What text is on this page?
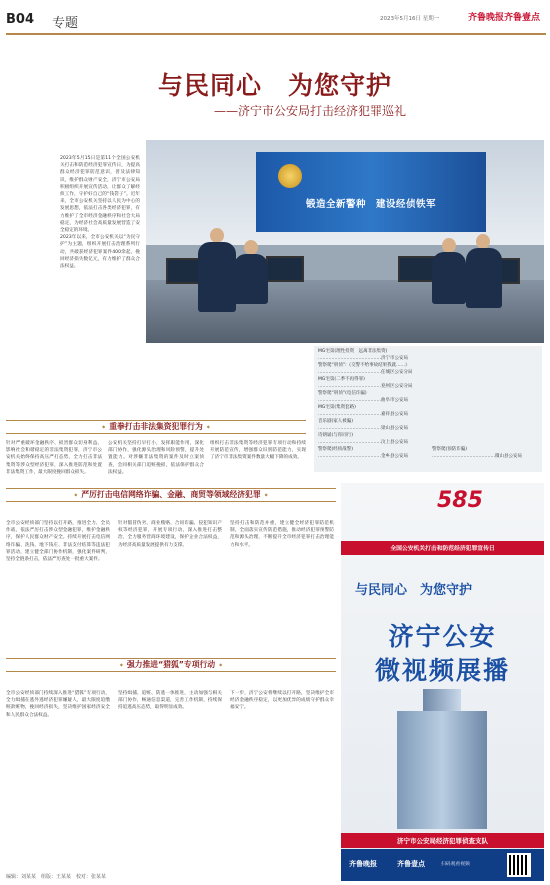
B04 专题	2023年5月16日 星期一	齐鲁晚报 齐鲁壹点
与民同心　为您守护
——济宁市公安局打击经济犯罪巡礼
2023年5月15日是第11个全国公安机关打击和防范经济犯罪宣传日，为提高群众经济犯罪防范意识，普及法律知识，维护群众财产安全，济宁市公安局积极组织开展宣传活动，让群众了解经侦工作，守护好自己的“钱袋子”。近年来，全市公安机关坚持以人民为中心的发展思想，依法打击各类经济犯罪，有力维护了全市经济金融秩序和社会大局稳定，为经济社会高质量发展营造了安全稳定的环境。
2023年以来，全市公安机关以“为民守护”为主题，组织开展打击治理系列行动，共破获经济犯罪案件400余起，挽回经济损失数亿元，有力维护了群众合法权益。
锻造全新警种　建设经侦铁军
MG宅第(理性投资　远离非法集资)
……………………………………济宁市公安局
警察爬“刑侦”:《交警不给事故结果我就……》
……………………………………任城区公安分局
MG宅第(二季不再得罪)
……………………………………兖州区公安分局
警察爬“刑侦”(电信诈骗)
……………………………………曲阜市公安局
MG宅第(集资套路)
……………………………………嘉祥县公安局
音乐剧(家人被骗)
……………………………………梁山县公安局
诗朗诵(与你同行)
……………………………………汶上县公安局
警察爬(经侦战警)
……………………………………金乡县公安局
警察爬(预防诈骗)
……………………………………微山县公安局
◆ 重拳打击非法集资犯罪行为 ◆
针对严重破坏金融秩序、损害群众切身利益、影响社会和谐稳定的非法集资犯罪，济宁市公安机关始终保持高压严打态势，全力打击非法集资等涉众型经济犯罪，深入推进防范和处置非法集资工作，最大限度挽回群众损失。
公安机关坚持打早打小，发挥职能作用，深化部门协作，强化源头治理和风险预警，提升处置能力。对涉嫌非法集资的案件及时立案侦查，会同相关部门追赃挽损，依法保护群众合法权益。
组织打击非法集资等经济犯罪专项行动和持续开展防范宣传，增强群众识别防范能力，实现了济宁市非法集资案件数量大幅下降的成效。
◆ 严厉打击电信网络诈骗、金融、商贸等领域经济犯罪 ◆
全市公安经侦部门坚持以打开路，推进全力、全员作战，依法严厉打击涉众型金融犯罪，维护金融秩序，保护人民群众财产安全。持续开展打击电信网络诈骗、洗钱、地下钱庄、非法支付结算等违法犯罪活动，建立健全部门协作机制，强化案件研判，坚持全链条打击，依法严厉查处一批重大案件。
针对假冒伪劣、商业贿赂、合同诈骗、侵犯知识产权等经济犯罪，开展专项行动，深入推进打击整治，全力服务营商环境建设，保护企业合法权益，为经济高质量发展提供有力支撑。
坚持打击和防范并重，建立健全经济犯罪防范机制，全面落实宣传防范措施，推动经济犯罪预警防范和源头治理，不断提升全市经济犯罪打击治理能力和水平。
◆ 强力推进“猎狐”专项行动 ◆
全市公安经侦部门持续深入推进“猎狐”专项行动，全力缉捕在逃外逃经济犯罪嫌疑人，最大限度追缴赃款赃物，挽回经济损失，坚决维护国家经济安全和人民群众合法权益。
坚持缉捕、追赃、防逃一体推进，主动加强与相关部门协作，畅通信息渠道，完善工作机制，持续保持追逃高压态势，取得明显成效。
下一步，济宁公安将继续以打开路，坚决维护全市经济金融秩序稳定，以更加优异的成绩守护群众幸福安宁。
585
全国公安机关打击和防范经济犯罪宣传日
与民同心　为您守护
济宁公安
微视频展播
济宁市公安局经济犯罪侦查支队
齐鲁晚报	齐鲁壹点	扫码观看视频
编辑：刘某某　组版：王某某　校对：张某某
